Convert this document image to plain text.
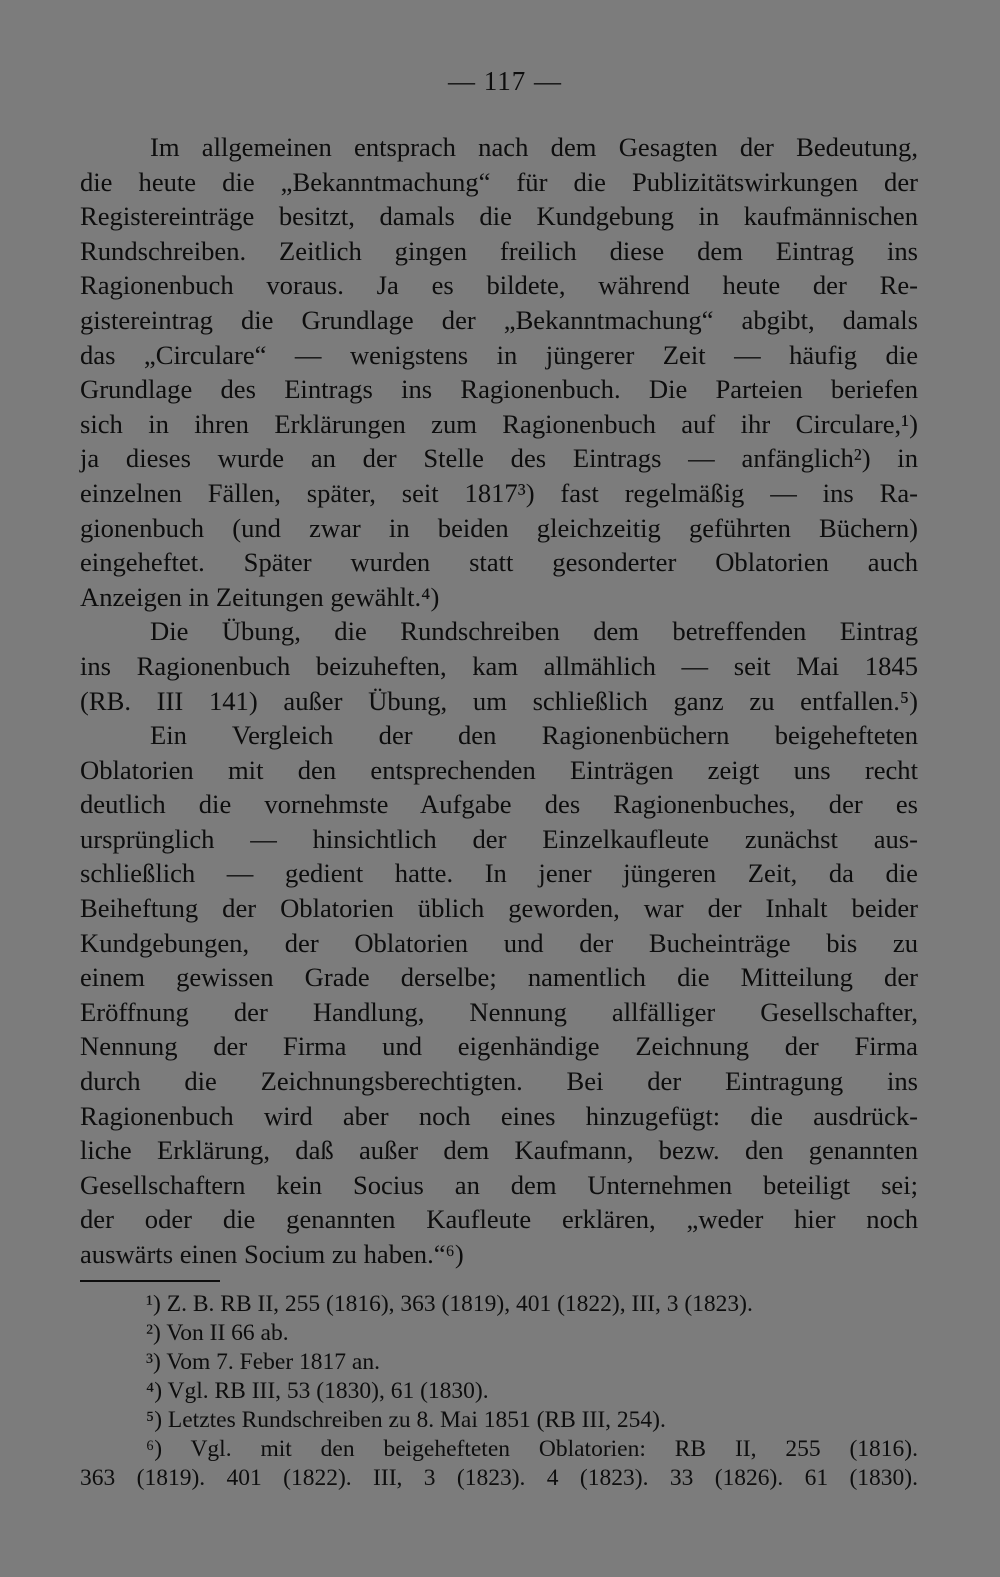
— 117 —
Im allgemeinen entsprach nach dem Gesagten der Bedeutung,
die heute die „Bekanntmachung“ für die Publizitätswirkungen der
Registereinträge besitzt, damals die Kundgebung in kaufmännischen
Rundschreiben. Zeitlich gingen freilich diese dem Eintrag ins
Ragionenbuch voraus. Ja es bildete, während heute der Re-
gistereintrag die Grundlage der „Bekanntmachung“ abgibt, damals
das „Circulare“ — wenigstens in jüngerer Zeit — häufig die
Grundlage des Eintrags ins Ragionenbuch. Die Parteien beriefen
sich in ihren Erklärungen zum Ragionenbuch auf ihr Circulare,¹)
ja dieses wurde an der Stelle des Eintrags — anfänglich²) in
einzelnen Fällen, später, seit 1817³) fast regelmäßig — ins Ra-
gionenbuch (und zwar in beiden gleichzeitig geführten Büchern)
eingeheftet. Später wurden statt gesonderter Oblatorien auch
Anzeigen in Zeitungen gewählt.⁴)
Die Übung, die Rundschreiben dem betreffenden Eintrag
ins Ragionenbuch beizuheften, kam allmählich — seit Mai 1845
(RB. III 141) außer Übung, um schließlich ganz zu entfallen.⁵)
Ein Vergleich der den Ragionenbüchern beigehefteten
Oblatorien mit den entsprechenden Einträgen zeigt uns recht
deutlich die vornehmste Aufgabe des Ragionenbuches, der es
ursprünglich — hinsichtlich der Einzelkaufleute zunächst aus-
schließlich — gedient hatte. In jener jüngeren Zeit, da die
Beiheftung der Oblatorien üblich geworden, war der Inhalt beider
Kundgebungen, der Oblatorien und der Bucheinträge bis zu
einem gewissen Grade derselbe; namentlich die Mitteilung der
Eröffnung der Handlung, Nennung allfälliger Gesellschafter,
Nennung der Firma und eigenhändige Zeichnung der Firma
durch die Zeichnungsberechtigten. Bei der Eintragung ins
Ragionenbuch wird aber noch eines hinzugefügt: die ausdrück-
liche Erklärung, daß außer dem Kaufmann, bezw. den genannten
Gesellschaftern kein Socius an dem Unternehmen beteiligt sei;
der oder die genannten Kaufleute erklären, „weder hier noch
auswärts einen Socium zu haben.“⁶)
¹) Z. B. RB II, 255 (1816), 363 (1819), 401 (1822), III, 3 (1823).
²) Von II 66 ab.
³) Vom 7. Feber 1817 an.
⁴) Vgl. RB III, 53 (1830), 61 (1830).
⁵) Letztes Rundschreiben zu 8. Mai 1851 (RB III, 254).
⁶) Vgl. mit den beigehefteten Oblatorien: RB II, 255 (1816).
363 (1819). 401 (1822). III, 3 (1823). 4 (1823). 33 (1826). 61 (1830).
